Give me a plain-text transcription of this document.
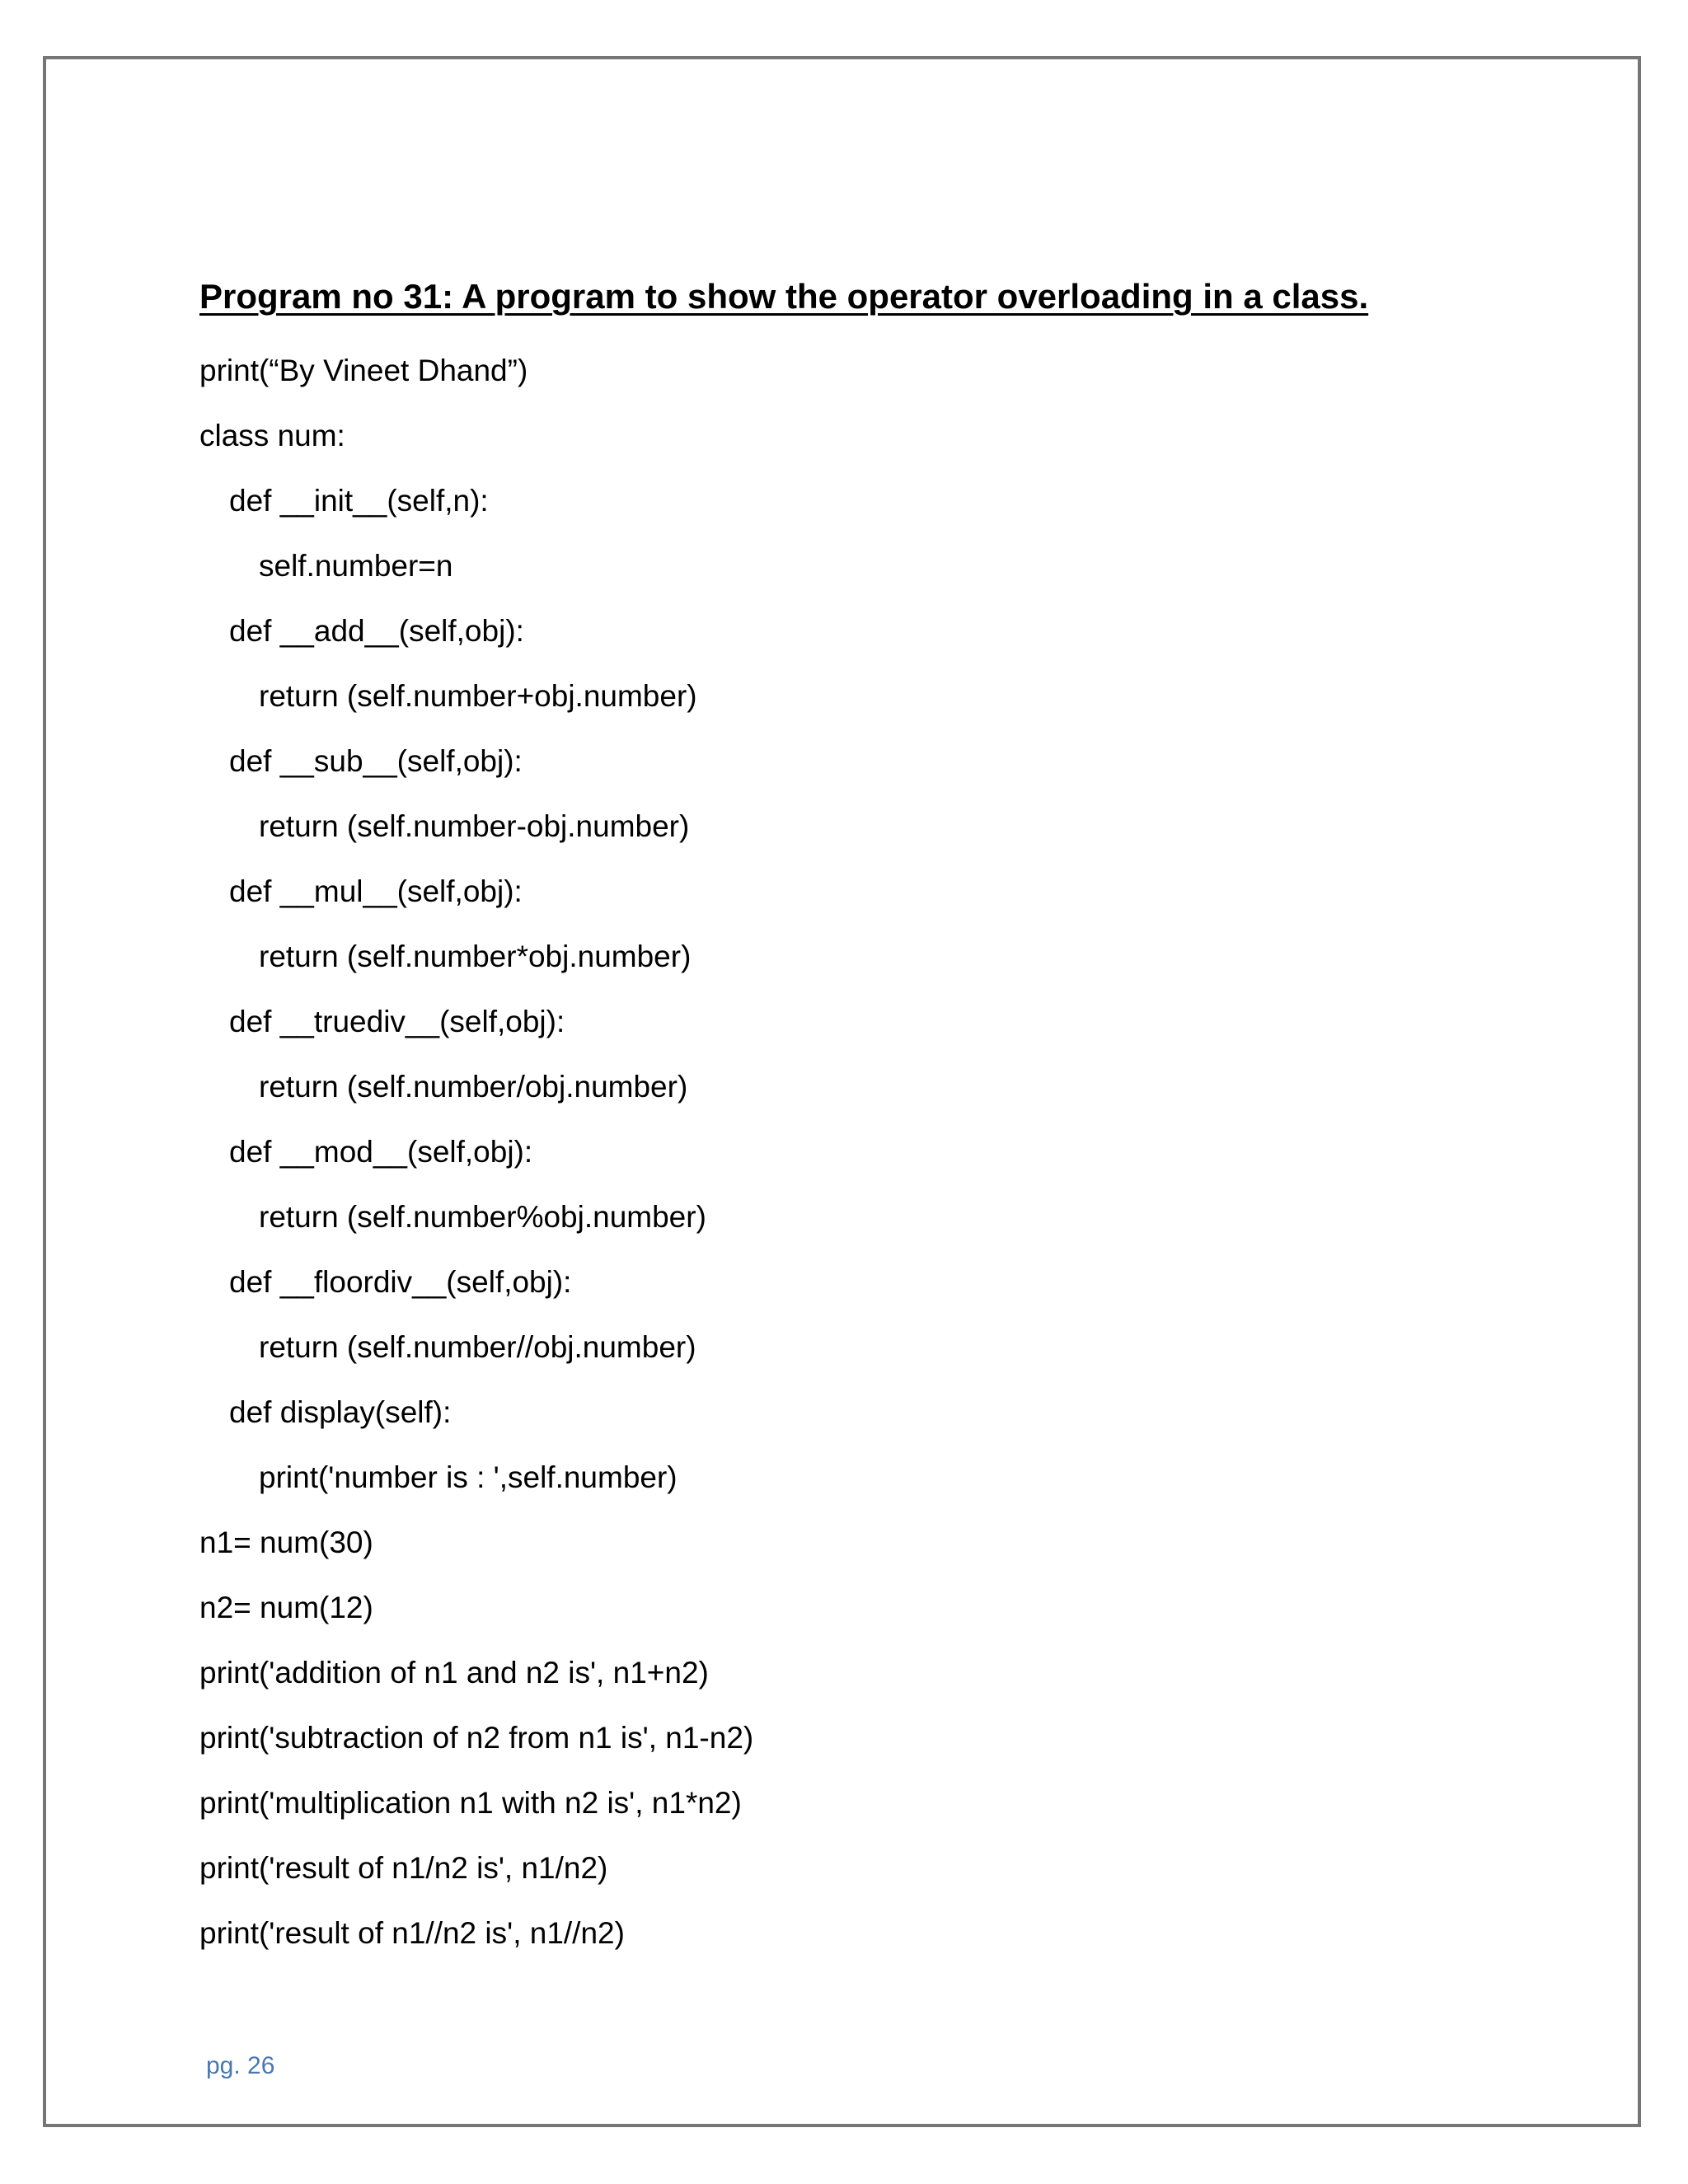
Program no 31: A program to show the operator overloading in a class.
print(“By Vineet Dhand”)
class num:
def __init__(self,n):
self.number=n
def __add__(self,obj):
return (self.number+obj.number)
def __sub__(self,obj):
return (self.number-obj.number)
def __mul__(self,obj):
return (self.number*obj.number)
def __truediv__(self,obj):
return (self.number/obj.number)
def __mod__(self,obj):
return (self.number%obj.number)
def __floordiv__(self,obj):
return (self.number//obj.number)
def display(self):
print('number is : ',self.number)
n1= num(30)
n2= num(12)
print('addition of n1 and n2 is', n1+n2)
print('subtraction of n2 from n1 is', n1-n2)
print('multiplication n1 with n2 is', n1*n2)
print('result of n1/n2 is', n1/n2)
print('result of n1//n2 is', n1//n2)
pg. 26
